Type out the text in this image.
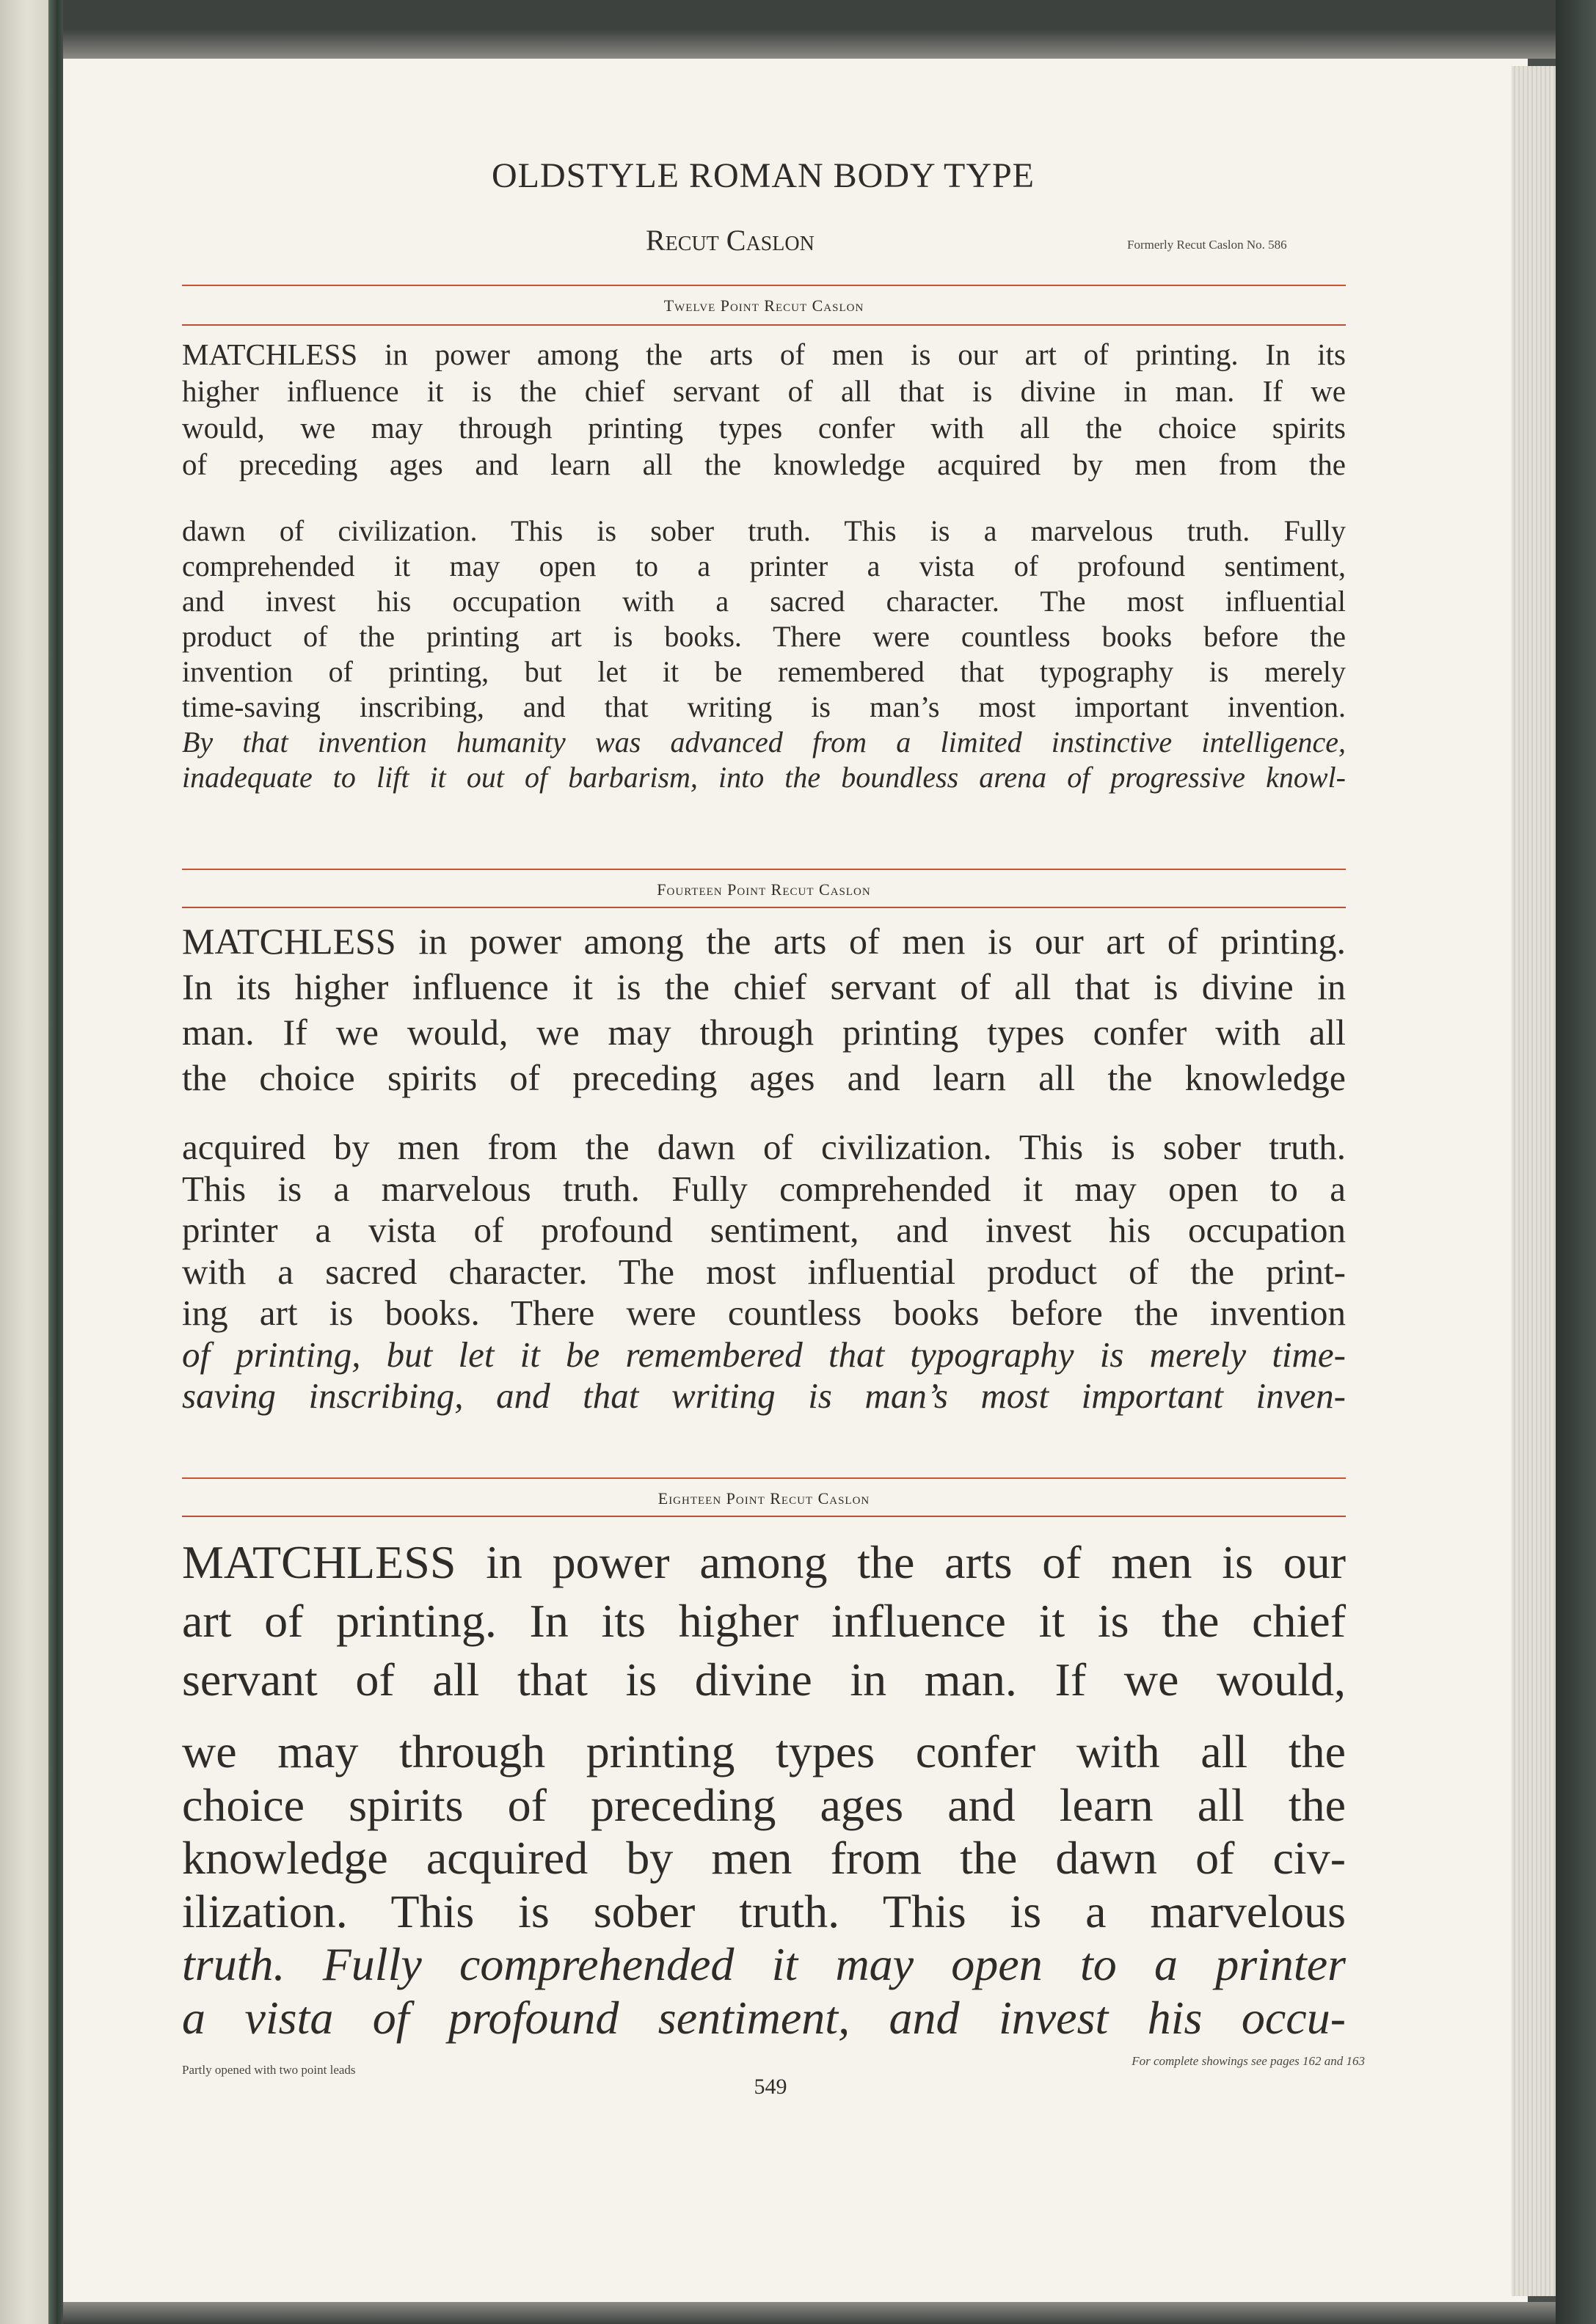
OLDSTYLE ROMAN BODY TYPE
Recut Caslon	Formerly Recut Caslon No. 586
Twelve Point Recut Caslon
MATCHLESS in power among the arts of men is our art of printing. In its
higher influence it is the chief servant of all that is divine in man. If we
would, we may through printing types confer with all the choice spirits
of preceding ages and learn all the knowledge acquired by men from the
dawn of civilization. This is sober truth. This is a marvelous truth. Fully
comprehended it may open to a printer a vista of profound sentiment,
and invest his occupation with a sacred character. The most influential
product of the printing art is books. There were countless books before the
invention of printing, but let it be remembered that typography is merely
time-saving inscribing, and that writing is man’s most important invention.
By that invention humanity was advanced from a limited instinctive intelligence,
inadequate to lift it out of barbarism, into the boundless arena of progressive knowl-
Fourteen Point Recut Caslon
MATCHLESS in power among the arts of men is our art of printing.
In its higher influence it is the chief servant of all that is divine in
man. If we would, we may through printing types confer with all
the choice spirits of preceding ages and learn all the knowledge
acquired by men from the dawn of civilization. This is sober truth.
This is a marvelous truth. Fully comprehended it may open to a
printer a vista of profound sentiment, and invest his occupation
with a sacred character. The most influential product of the print-
ing art is books. There were countless books before the invention
of printing, but let it be remembered that typography is merely time-
saving inscribing, and that writing is man’s most important inven-
Eighteen Point Recut Caslon
MATCHLESS in power among the arts of men is our
art of printing. In its higher influence it is the chief
servant of all that is divine in man. If we would,
we may through printing types confer with all the
choice spirits of preceding ages and learn all the
knowledge acquired by men from the dawn of civ-
ilization. This is sober truth. This is a marvelous
truth. Fully comprehended it may open to a printer
a vista of profound sentiment, and invest his occu-
Partly opened with two point leads
549
For complete showings see pages 162 and 163
